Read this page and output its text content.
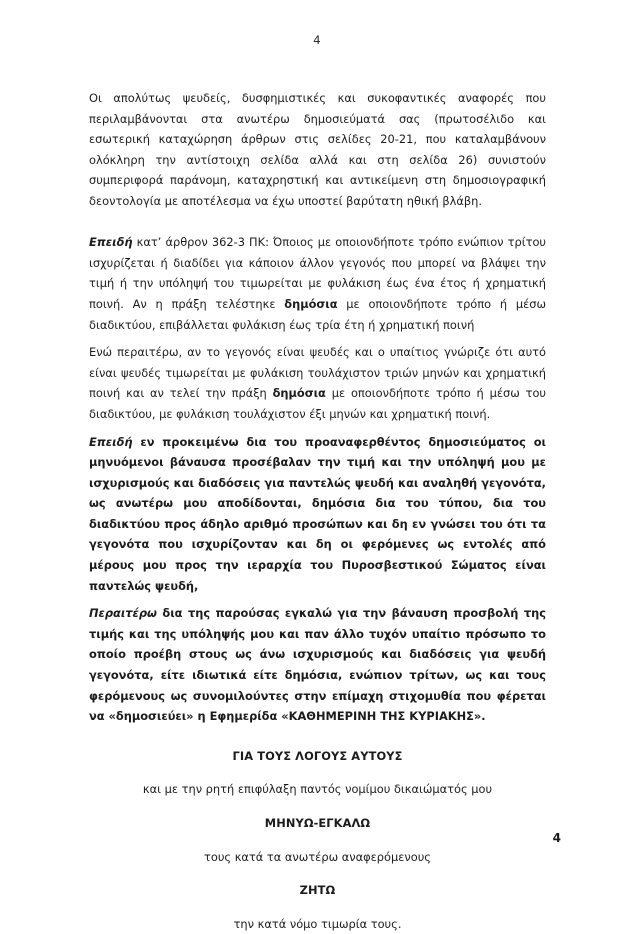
4

Οι απολύτως ψευδείς, δυσφημιστικές και συκοφαντικές αναφορές που περιλαμβάνονται στα ανωτέρω δημοσιεύματά σας (πρωτοσέλιδο και εσωτερική καταχώρηση άρθρων στις σελίδες 20-21, που καταλαμβάνουν ολόκληρη την αντίστοιχη σελίδα αλλά και στη σελίδα 26) συνιστούν συμπεριφορά παράνομη, καταχρηστική και αντικείμενη στη δημοσιογραφική δεοντολογία με αποτέλεσμα να έχω υποστεί βαρύτατη ηθική βλάβη.

Επειδή κατ’ άρθρον 362-3 ΠΚ: Όποιος με οποιονδήποτε τρόπο ενώπιον τρίτου ισχυρίζεται ή διαδίδει για κάποιον άλλον γεγονός που μπορεί να βλάψει την τιμή ή την υπόληψή του τιμωρείται με φυλάκιση έως ένα έτος ή χρηματική ποινή. Αν η πράξη τελέστηκε δημόσια με οποιονδήποτε τρόπο ή μέσω διαδικτύου, επιβάλλεται φυλάκιση έως τρία έτη ή χρηματική ποινή

Ενώ περαιτέρω, αν το γεγονός είναι ψευδές και ο υπαίτιος γνώριζε ότι αυτό είναι ψευδές τιμωρείται με φυλάκιση τουλάχιστον τριών μηνών και χρηματική ποινή και αν τελεί την πράξη δημόσια με οποιονδήποτε τρόπο ή μέσω του διαδικτύου, με φυλάκιση τουλάχιστον έξι μηνών και χρηματική ποινή.

Επειδή εν προκειμένω δια του προαναφερθέντος δημοσιεύματος οι μηνυόμενοι βάναυσα προσέβαλαν την τιμή και την υπόληψή μου με ισχυρισμούς και διαδόσεις για παντελώς ψευδή και αναληθή γεγονότα, ως ανωτέρω μου αποδίδονται, δημόσια δια του τύπου, δια του διαδικτύου προς άδηλο αριθμό προσώπων και δη εν γνώσει του ότι τα γεγονότα που ισχυρίζονταν και δη οι φερόμενες ως εντολές από μέρους μου προς την ιεραρχία του Πυροσβεστικού Σώματος είναι παντελώς ψευδή,

Περαιτέρω δια της παρούσας εγκαλώ για την βάναυση προσβολή της τιμής και της υπόληψής μου και παν άλλο τυχόν υπαίτιο πρόσωπο το οποίο προέβη στους ως άνω ισχυρισμούς και διαδόσεις για ψευδή γεγονότα, είτε ιδιωτικά είτε δημόσια, ενώπιον τρίτων, ως και τους φερόμενους ως συνομιλούντες στην επίμαχη στιχομυθία που φέρεται να «δημοσιεύει» η Εφημερίδα «ΚΑΘΗΜΕΡΙΝΗ ΤΗΣ ΚΥΡΙΑΚΗΣ».

ΓΙΑ ΤΟΥΣ ΛΟΓΟΥΣ ΑΥΤΟΥΣ

και με την ρητή επιφύλαξη παντός νομίμου δικαιώματός μου

ΜΗΝΥΩ-ΕΓΚΑΛΩ

τους κατά τα ανωτέρω αναφερόμενους

ΖΗΤΩ

την κατά νόμο τιμωρία τους.

4
